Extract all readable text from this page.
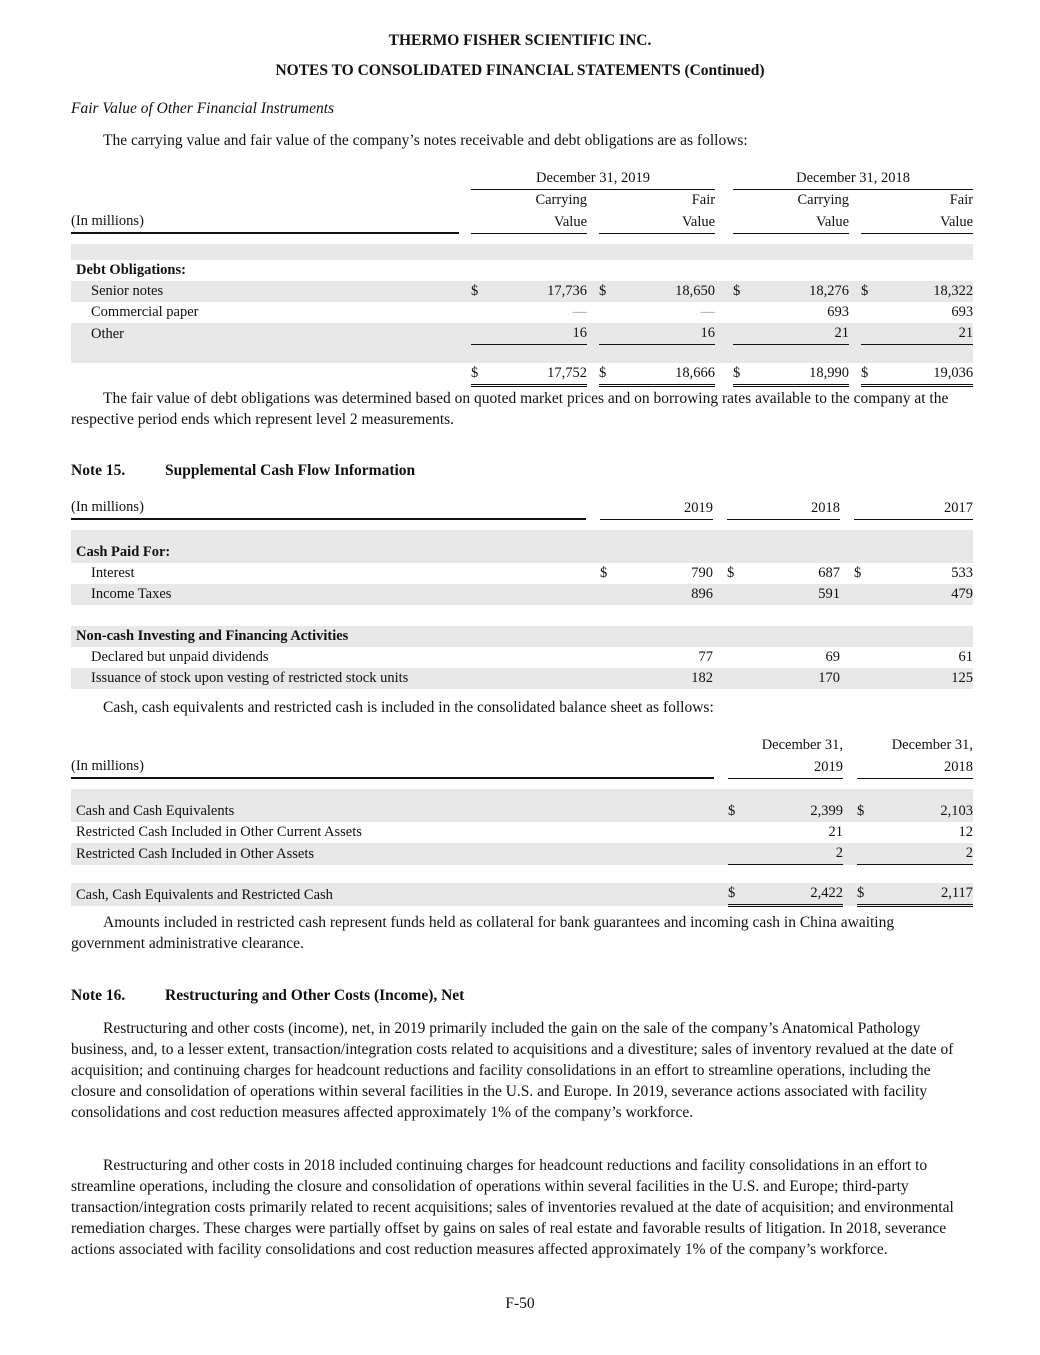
THERMO FISHER SCIENTIFIC INC.
NOTES TO CONSOLIDATED FINANCIAL STATEMENTS (Continued)
Fair Value of Other Financial Instruments
The carrying value and fair value of the company’s notes receivable and debt obligations are as follows:
		December 31, 2019						December 31, 2018				
		Carrying			Fair			Carrying			Fair	
(In millions)		Value			Value			Value			Value	

Debt Obligations:												
Senior notes		$	17,736		$	18,650		$	18,276		$	18,322
Commercial paper			—			—			693			693
Other			16			16			21			21

		$	17,752		$	18,666		$	18,990		$	19,036
The fair value of debt obligations was determined based on quoted market prices and on borrowing rates available to the company at the respective period ends which represent level 2 measurements.
Note 15.	Supplemental Cash Flow Information
(In millions)		2019			2018			2017	

Cash Paid For:									
Interest		$	790		$	687		$	533
Income Taxes			896			591			479

Non-cash Investing and Financing Activities									
Declared but unpaid dividends			77			69			61
Issuance of stock upon vesting of restricted stock units			182			170			125
Cash, cash equivalents and restricted cash is included in the consolidated balance sheet as follows:
		December 31,			December 31,	
(In millions)		2019			2018	

Cash and Cash Equivalents		$	2,399		$	2,103
Restricted Cash Included in Other Current Assets			21			12
Restricted Cash Included in Other Assets			2			2

Cash, Cash Equivalents and Restricted Cash		$	2,422		$	2,117
Amounts included in restricted cash represent funds held as collateral for bank guarantees and incoming cash in China awaiting government administrative clearance.
Note 16.	Restructuring and Other Costs (Income), Net
Restructuring and other costs (income), net, in 2019 primarily included the gain on the sale of the company’s Anatomical Pathology business, and, to a lesser extent, transaction/integration costs related to acquisitions and a divestiture; sales of inventory revalued at the date of acquisition; and continuing charges for headcount reductions and facility consolidations in an effort to streamline operations, including the closure and consolidation of operations within several facilities in the U.S. and Europe. In 2019, severance actions associated with facility consolidations and cost reduction measures affected approximately 1% of the company’s workforce.
Restructuring and other costs in 2018 included continuing charges for headcount reductions and facility consolidations in an effort to streamline operations, including the closure and consolidation of operations within several facilities in the U.S. and Europe; third-party transaction/integration costs primarily related to recent acquisitions; sales of inventories revalued at the date of acquisition; and environmental remediation charges. These charges were partially offset by gains on sales of real estate and favorable results of litigation. In 2018, severance actions associated with facility consolidations and cost reduction measures affected approximately 1% of the company’s workforce.
F-50
